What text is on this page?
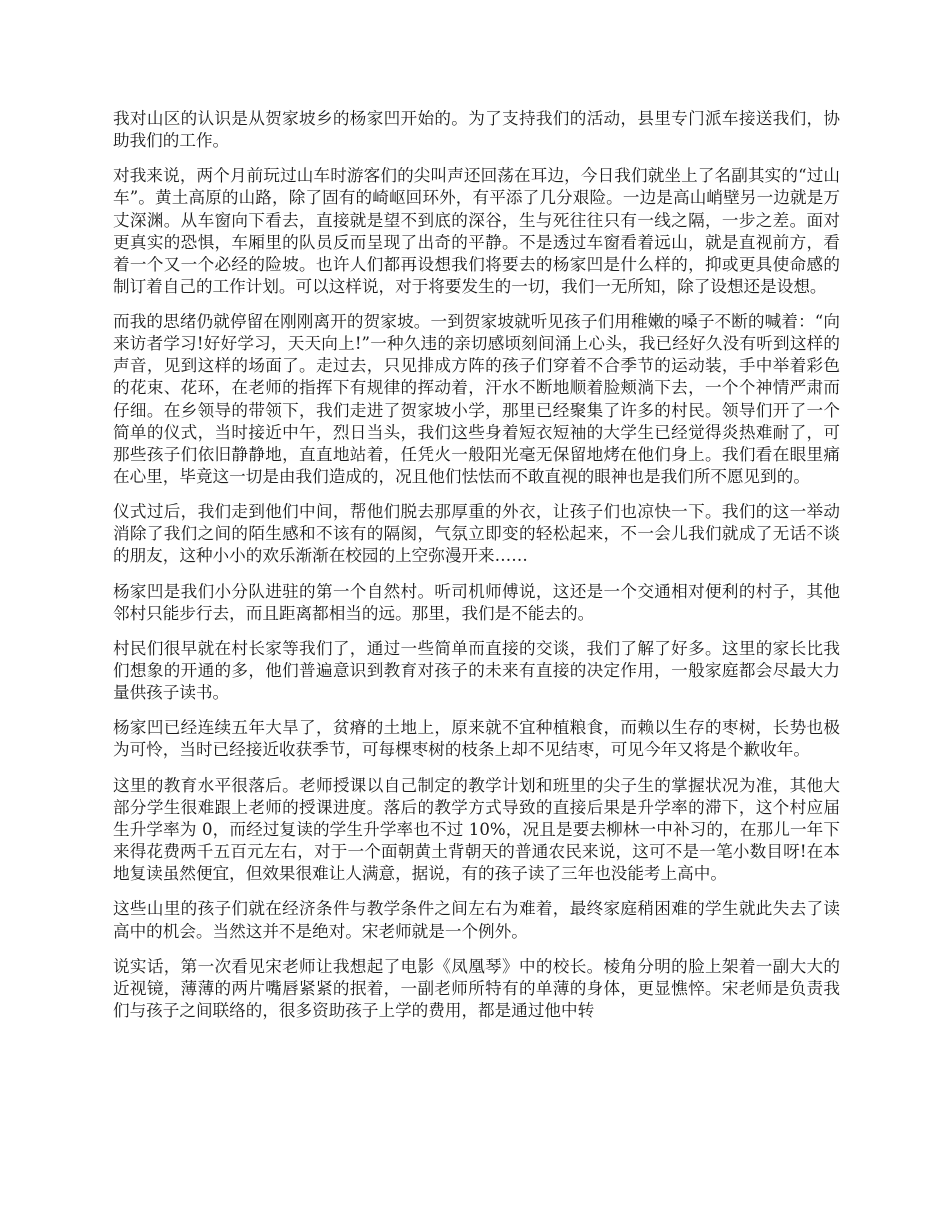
我对山区的认识是从贺家坡乡的杨家凹开始的。为了支持我们的活动，县里专门派车接送我们，协助我们的工作。

对我来说，两个月前玩过山车时游客们的尖叫声还回荡在耳边，今日我们就坐上了名副其实的“过山车”。黄土高原的山路，除了固有的崎岖回环外，有平添了几分艰险。一边是高山峭壁另一边就是万丈深渊。从车窗向下看去，直接就是望不到底的深谷，生与死往往只有一线之隔，一步之差。面对更真实的恐惧，车厢里的队员反而呈现了出奇的平静。不是透过车窗看着远山，就是直视前方，看着一个又一个必经的险坡。也许人们都再设想我们将要去的杨家凹是什么样的，抑或更具使命感的制订着自己的工作计划。可以这样说，对于将要发生的一切，我们一无所知，除了设想还是设想。

而我的思绪仍就停留在刚刚离开的贺家坡。一到贺家坡就听见孩子们用稚嫩的嗓子不断的喊着：“向来访者学习!好好学习，天天向上!”一种久违的亲切感顷刻间涌上心头，我已经好久没有听到这样的声音，见到这样的场面了。走过去，只见排成方阵的孩子们穿着不合季节的运动装，手中举着彩色的花束、花环，在老师的指挥下有规律的挥动着，汗水不断地顺着脸颊淌下去，一个个神情严肃而仔细。在乡领导的带领下，我们走进了贺家坡小学，那里已经聚集了许多的村民。领导们开了一个简单的仪式，当时接近中午，烈日当头，我们这些身着短衣短袖的大学生已经觉得炎热难耐了，可那些孩子们依旧静静地，直直地站着，任凭火一般阳光毫无保留地烤在他们身上。我们看在眼里痛在心里，毕竟这一切是由我们造成的，况且他们怯怯而不敢直视的眼神也是我们所不愿见到的。

仪式过后，我们走到他们中间，帮他们脱去那厚重的外衣，让孩子们也凉快一下。我们的这一举动消除了我们之间的陌生感和不该有的隔阂，气氛立即变的轻松起来，不一会儿我们就成了无话不谈的朋友，这种小小的欢乐渐渐在校园的上空弥漫开来……

杨家凹是我们小分队进驻的第一个自然村。听司机师傅说，这还是一个交通相对便利的村子，其他邻村只能步行去，而且距离都相当的远。那里，我们是不能去的。

村民们很早就在村长家等我们了，通过一些简单而直接的交谈，我们了解了好多。这里的家长比我们想象的开通的多，他们普遍意识到教育对孩子的未来有直接的决定作用，一般家庭都会尽最大力量供孩子读书。

杨家凹已经连续五年大旱了，贫瘠的土地上，原来就不宜种植粮食，而赖以生存的枣树，长势也极为可怜，当时已经接近收获季节，可每棵枣树的枝条上却不见结枣，可见今年又将是个歉收年。

这里的教育水平很落后。老师授课以自己制定的教学计划和班里的尖子生的掌握状况为准，其他大部分学生很难跟上老师的授课进度。落后的教学方式导致的直接后果是升学率的滞下，这个村应届生升学率为 0，而经过复读的学生升学率也不过 10%，况且是要去柳林一中补习的，在那儿一年下来得花费两千五百元左右，对于一个面朝黄土背朝天的普通农民来说，这可不是一笔小数目呀!在本地复读虽然便宜，但效果很难让人满意，据说，有的孩子读了三年也没能考上高中。

这些山里的孩子们就在经济条件与教学条件之间左右为难着，最终家庭稍困难的学生就此失去了读高中的机会。当然这并不是绝对。宋老师就是一个例外。

说实话，第一次看见宋老师让我想起了电影《凤凰琴》中的校长。棱角分明的脸上架着一副大大的近视镜，薄薄的两片嘴唇紧紧的抿着，一副老师所特有的单薄的身体，更显憔悴。宋老师是负责我们与孩子之间联络的，很多资助孩子上学的费用，都是通过他中转
